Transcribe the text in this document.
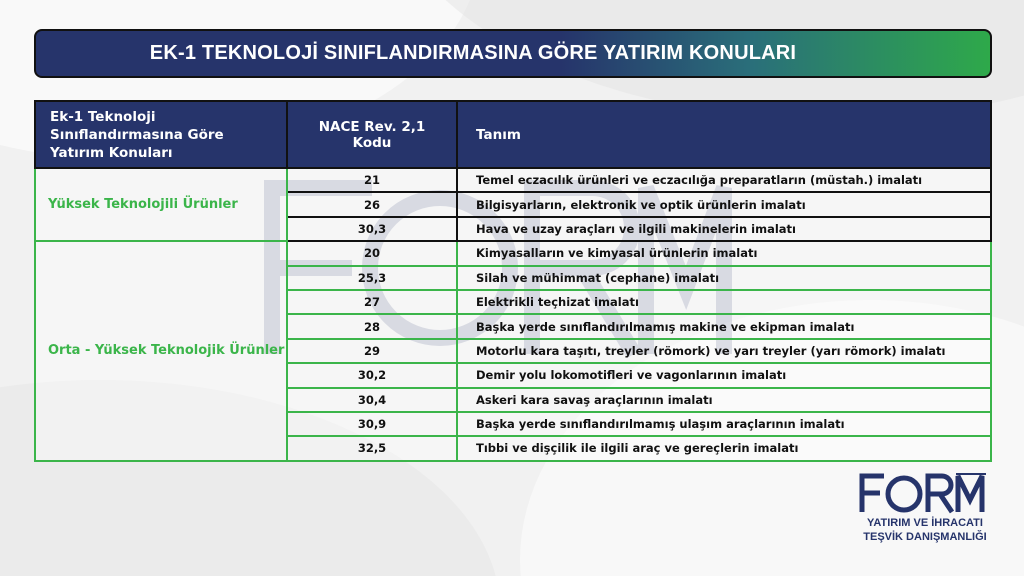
EK-1 TEKNOLOJİ SINIFLANDIRMASINA GÖRE YATIRIM KONULARI
Ek-1 Teknoloji Sınıflandırmasına Göre Yatırım Konuları	NACE Rev. 2,1 Kodu	Tanım
Yüksek Teknolojili Ürünler	21	Temel eczacılık ürünleri ve eczacılığa preparatların (müstah.) imalatı
	26	Bilgisyarların, elektronik ve optik ürünlerin imalatı
	30,3	Hava ve uzay araçları ve ilgili makinelerin imalatı
Orta - Yüksek Teknolojik Ürünler	20	Kimyasalların ve kimyasal ürünlerin imalatı
	25,3	Silah ve mühimmat (cephane) imalatı
	27	Elektrikli teçhizat imalatı
	28	Başka yerde sınıflandırılmamış makine ve ekipman imalatı
	29	Motorlu kara taşıtı, treyler (römork) ve yarı treyler (yarı römork) imalatı
	30,2	Demir yolu lokomotifleri ve vagonlarının imalatı
	30,4	Askeri kara savaş araçlarının imalatı
	30,9	Başka yerde sınıflandırılmamış ulaşım araçlarının imalatı
	32,5	Tıbbi ve dişçilik ile ilgili araç ve gereçlerin imalatı
YATIRIM VE İHRACATI
TEŞVİK DANIŞMANLIĞI
